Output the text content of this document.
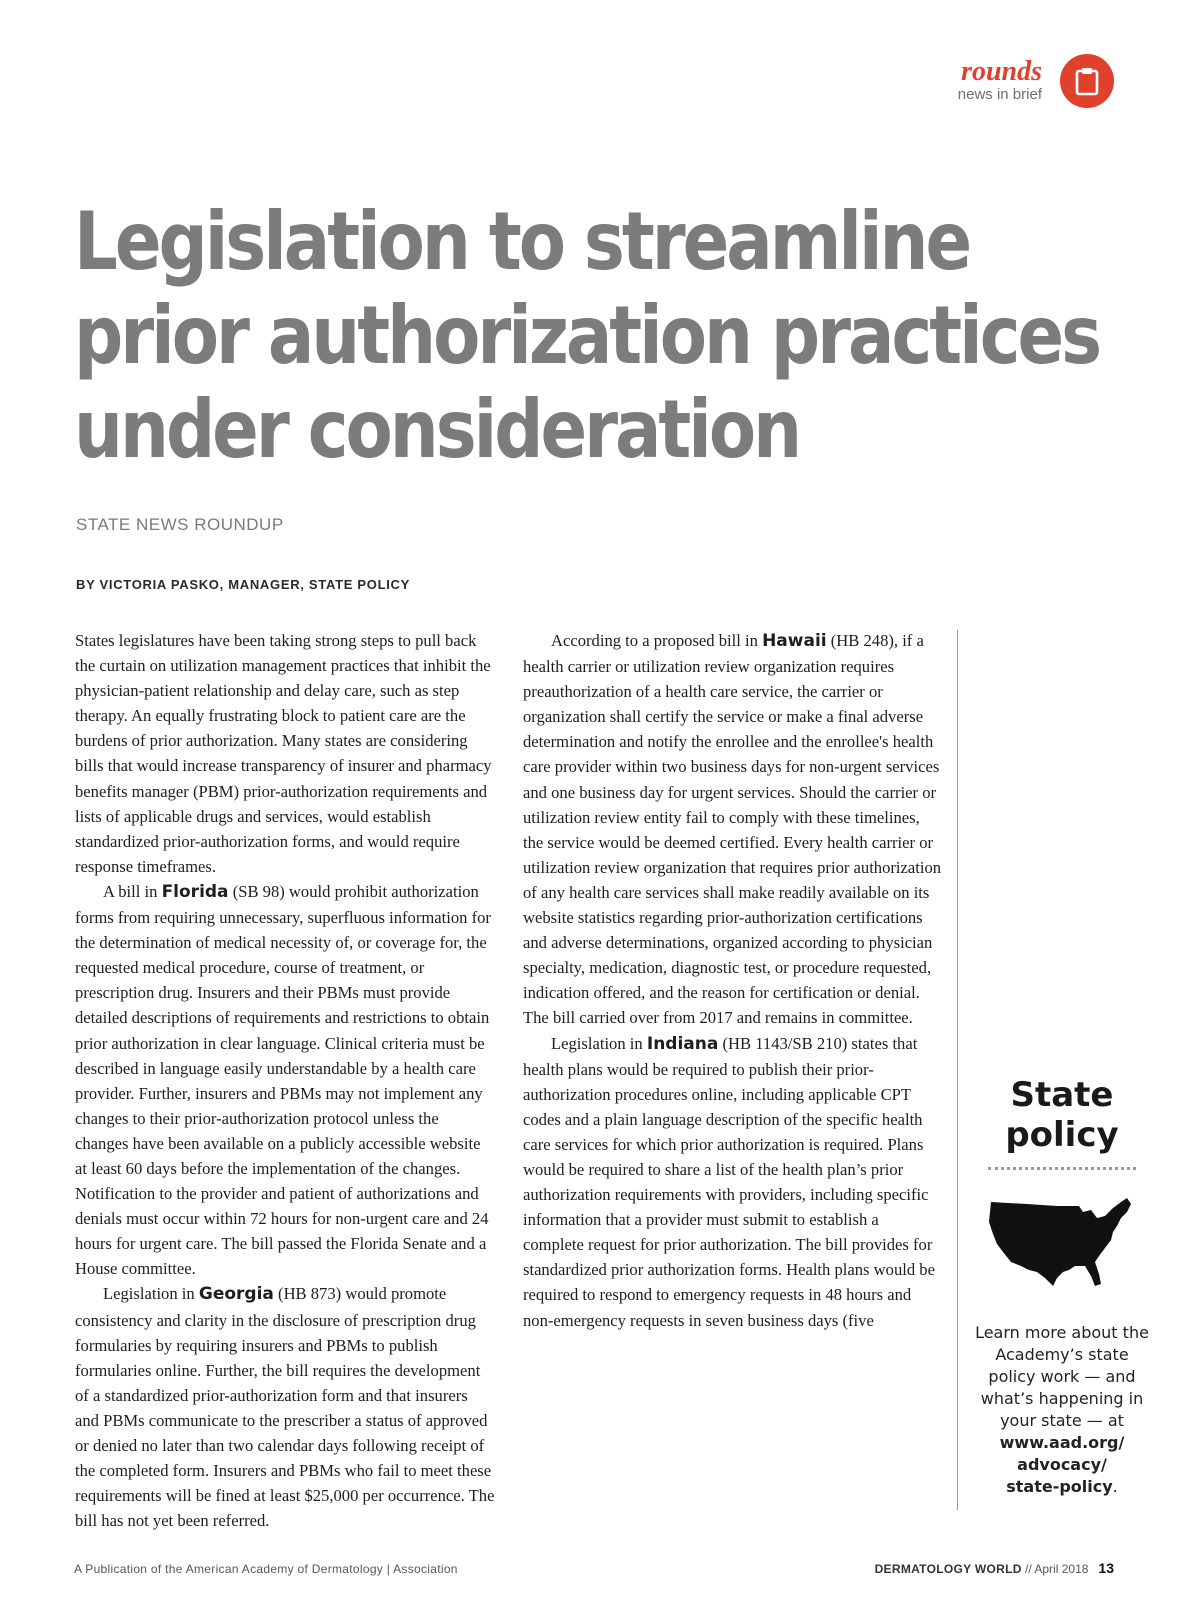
rounds
news in brief
Legislation to streamline
prior authorization practices
under consideration
STATE NEWS ROUNDUP
BY VICTORIA PASKO, MANAGER, STATE POLICY

States legislatures have been taking strong steps to pull back the curtain on utilization management practices that inhibit the physician-patient relationship and delay care, such as step therapy. An equally frustrating block to patient care are the burdens of prior authorization. Many states are considering bills that would increase transparency of insurer and pharmacy benefits manager (PBM) prior-authorization requirements and lists of applicable drugs and services, would establish standardized prior-authorization forms, and would require response timeframes.

A bill in Florida (SB 98) would prohibit authorization forms from requiring unnecessary, superfluous information for the determination of medical necessity of, or coverage for, the requested medical procedure, course of treatment, or prescription drug. Insurers and their PBMs must provide detailed descriptions of requirements and restrictions to obtain prior authorization in clear language. Clinical criteria must be described in language easily understandable by a health care provider. Further, insurers and PBMs may not implement any changes to their prior-authorization protocol unless the changes have been available on a publicly accessible website at least 60 days before the implementation of the changes. Notification to the provider and patient of authorizations and denials must occur within 72 hours for non-urgent care and 24 hours for urgent care. The bill passed the Florida Senate and a House committee.

Legislation in Georgia (HB 873) would promote consistency and clarity in the disclosure of prescription drug formularies by requiring insurers and PBMs to publish formularies online. Further, the bill requires the development of a standardized prior-authorization form and that insurers and PBMs communicate to the prescriber a status of approved or denied no later than two calendar days following receipt of the completed form. Insurers and PBMs who fail to meet these requirements will be fined at least $25,000 per occurrence. The bill has not yet been referred.

According to a proposed bill in Hawaii (HB 248), if a health carrier or utilization review organization requires preauthorization of a health care service, the carrier or organization shall certify the service or make a final adverse determination and notify the enrollee and the enrollee's health care provider within two business days for non-urgent services and one business day for urgent services. Should the carrier or utilization review entity fail to comply with these timelines, the service would be deemed certified. Every health carrier or utilization review organization that requires prior authorization of any health care services shall make readily available on its website statistics regarding prior-authorization certifications and adverse determinations, organized according to physician specialty, medication, diagnostic test, or procedure requested, indication offered, and the reason for certification or denial. The bill carried over from 2017 and remains in committee.

Legislation in Indiana (HB 1143/SB 210) states that health plans would be required to publish their prior-authorization procedures online, including applicable CPT codes and a plain language description of the specific health care services for which prior authorization is required. Plans would be required to share a list of the health plan’s prior authorization requirements with providers, including specific information that a provider must submit to establish a complete request for prior authorization. The bill provides for standardized prior authorization forms. Health plans would be required to respond to emergency requests in 48 hours and non-emergency requests in seven business days (five

State
policy
Learn more about the Academy’s state policy work — and what’s happening in your state — at
www.aad.org/
advocacy/
state-policy.
A Publication of the American Academy of Dermatology | Association	DERMATOLOGY WORLD // April 2018 13
